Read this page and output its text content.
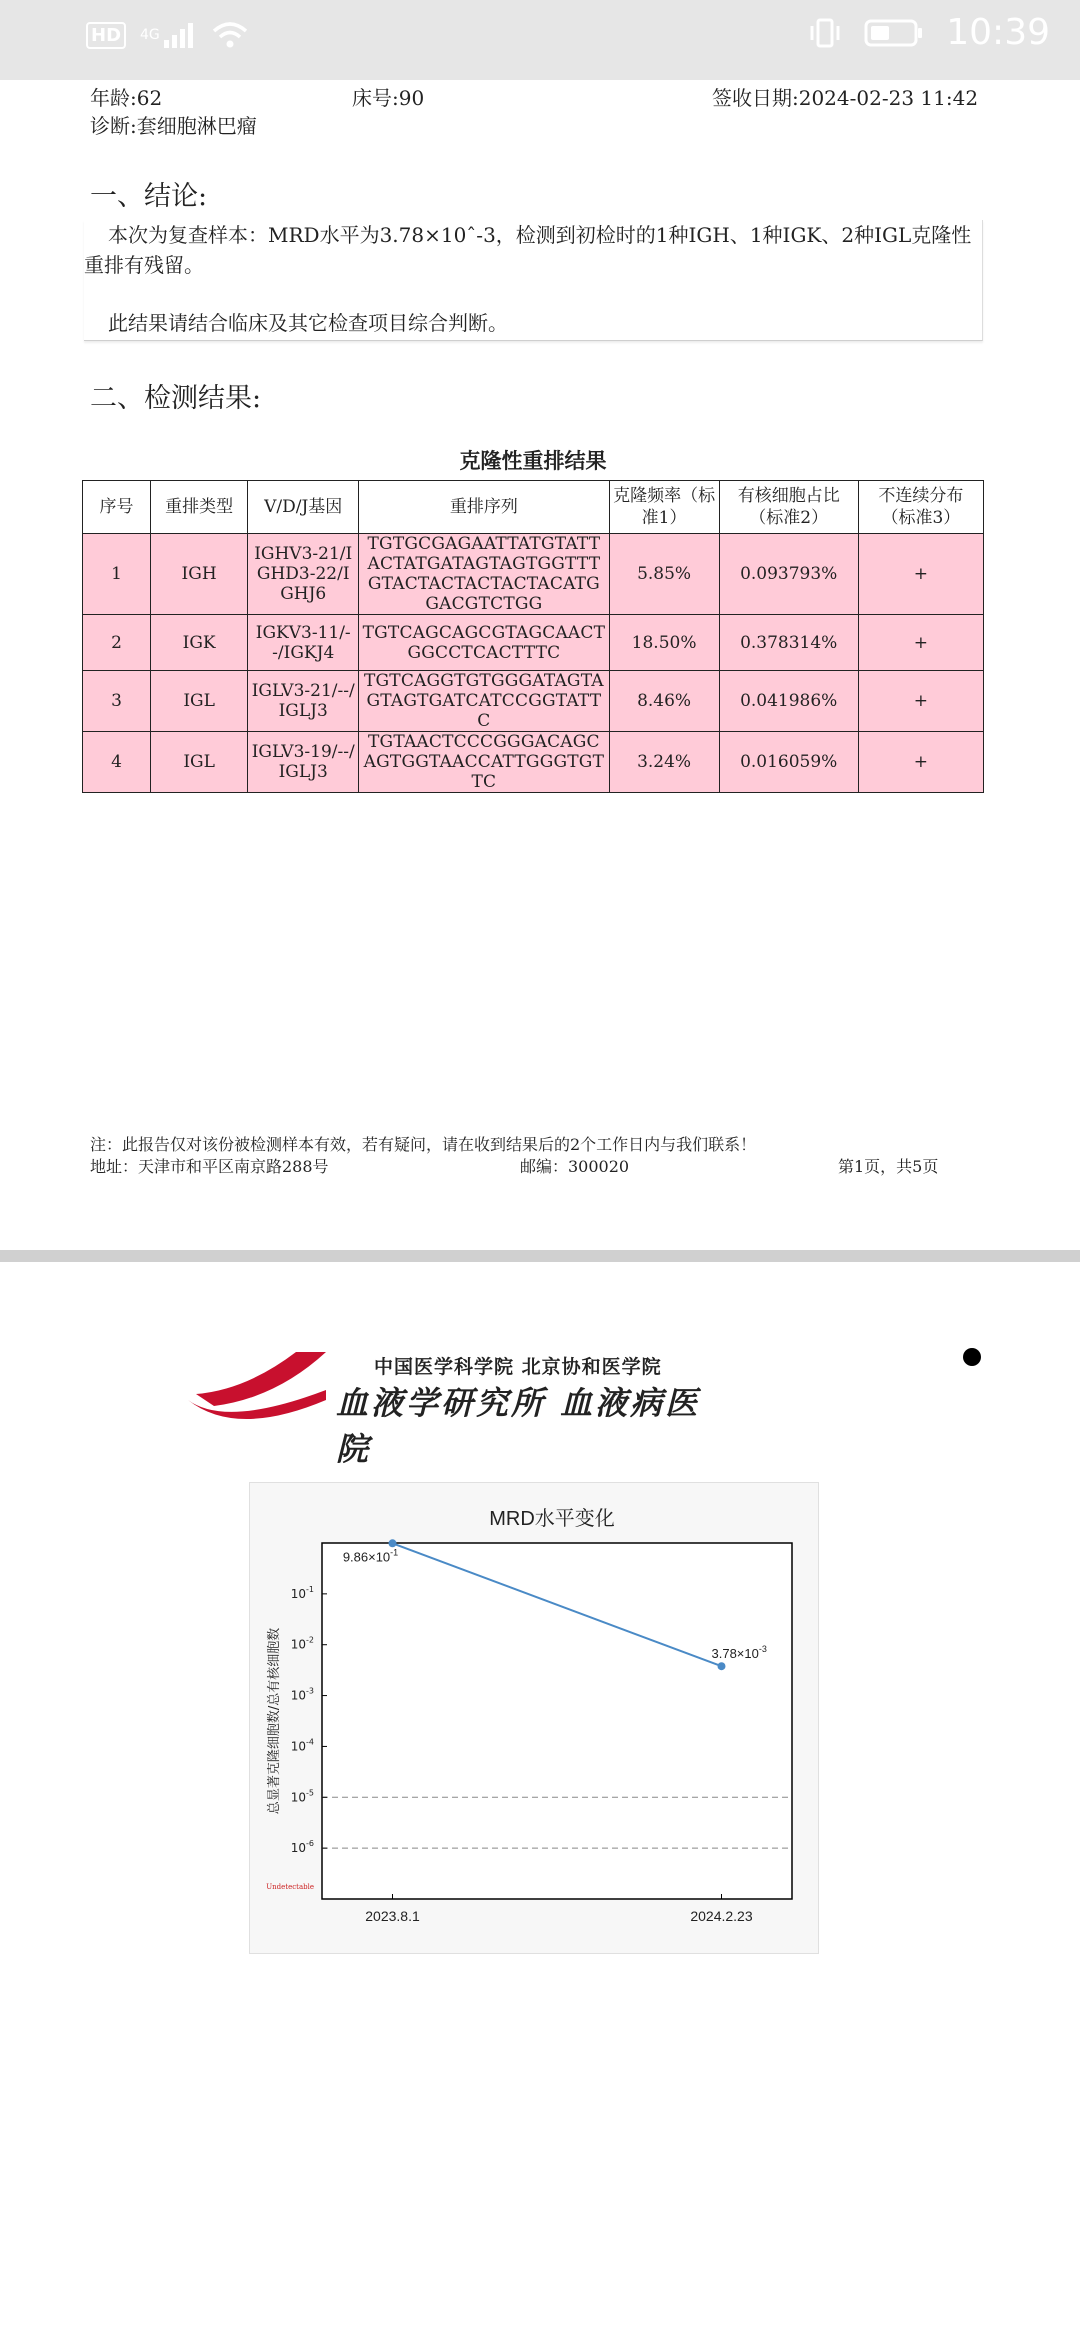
HD	4G	10:39
年龄:62	床号:90	签收日期:2024-02-23 11:42
诊断:套细胞淋巴瘤
一、结论:

本次为复查样本：MRD水平为3.78×10ˆ-3，检测到初检时的1种IGH、1种IGK、2种IGL克隆性重排有残留。

此结果请结合临床及其它检查项目综合判断。

二、检测结果:
克隆性重排结果
序号	重排类型	V/D/J基因	重排序列	克隆频率（标准1）	有核细胞占比（标准2）	不连续分布（标准3）
1	IGH	IGHV3-21/IGHD3-22/IGHJ6	TGTGCGAGAATTATGTATTACTATGATAGTAGTGGTTTGTACTACTACTACTACATGGACGTCTGG	5.85%	0.093793%	+
2	IGK	IGKV3-11/--/IGKJ4	TGTCAGCAGCGTAGCAACTGGCCTCACTTTC	18.50%	0.378314%	+
3	IGL	IGLV3-21/--/IGLJ3	TGTCAGGTGTGGGATAGTAGTAGTGATCATCCGGTATTC	8.46%	0.041986%	+
4	IGL	IGLV3-19/--/IGLJ3	TGTAACTCCCGGGACAGCAGTGGTAACCATTGGGTGTTC	3.24%	0.016059%	+
注：此报告仅对该份被检测样本有效，若有疑问，请在收到结果后的2个工作日内与我们联系！
地址：天津市和平区南京路288号	邮编：300020	第1页，共5页
中国医学科学院 北京协和医学院
血液学研究所 血液病医院
MRD水平变化
总显著克隆细胞数/总有核细胞数
$10^{-1}$
$10^{-2}$
$10^{-3}$
$10^{-4}$
$10^{-5}$
$10^{-6}$
Undetectable
2023.8.1	2024.2.23
$9.86\times 10^{-1}$
$3.78\times 10^{-3}$
